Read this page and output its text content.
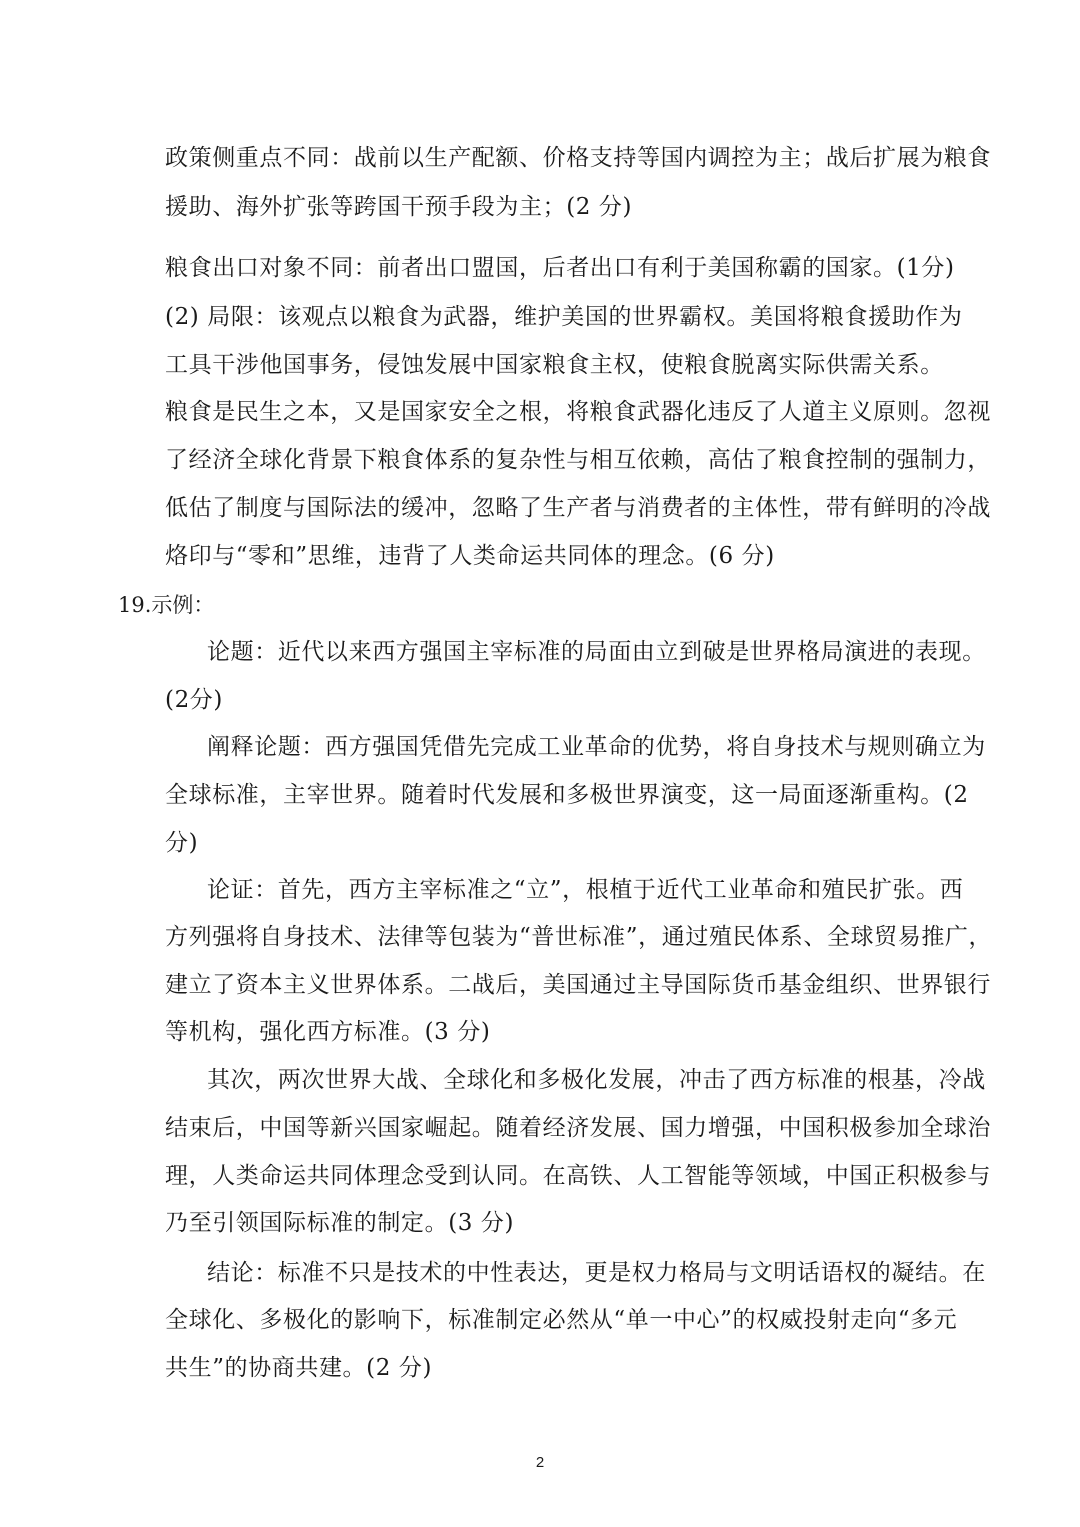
政策侧重点不同：战前以生产配额、价格支持等国内调控为主；战后扩展为粮食
援助、海外扩张等跨国干预手段为主；(2 分)
粮食出口对象不同：前者出口盟国，后者出口有利于美国称霸的国家。(1分)
(2) 局限：该观点以粮食为武器，维护美国的世界霸权。美国将粮食援助作为
工具干涉他国事务，侵蚀发展中国家粮食主权，使粮食脱离实际供需关系。
粮食是民生之本，又是国家安全之根，将粮食武器化违反了人道主义原则。忽视
了经济全球化背景下粮食体系的复杂性与相互依赖，高估了粮食控制的强制力，
低估了制度与国际法的缓冲，忽略了生产者与消费者的主体性，带有鲜明的冷战
烙印与“零和”思维，违背了人类命运共同体的理念。(6 分)
19.示例：
论题：近代以来西方强国主宰标准的局面由立到破是世界格局演进的表现。
(2分)
阐释论题：西方强国凭借先完成工业革命的优势，将自身技术与规则确立为
全球标准，主宰世界。随着时代发展和多极世界演变，这一局面逐渐重构。(2
分)
论证：首先，西方主宰标准之“立”，根植于近代工业革命和殖民扩张。西
方列强将自身技术、法律等包装为“普世标准”，通过殖民体系、全球贸易推广，
建立了资本主义世界体系。二战后，美国通过主导国际货币基金组织、世界银行
等机构，强化西方标准。(3 分)
其次，两次世界大战、全球化和多极化发展，冲击了西方标准的根基，冷战
结束后，中国等新兴国家崛起。随着经济发展、国力增强，中国积极参加全球治
理，人类命运共同体理念受到认同。在高铁、人工智能等领域，中国正积极参与
乃至引领国际标准的制定。(3 分)
结论：标准不只是技术的中性表达，更是权力格局与文明话语权的凝结。在
全球化、多极化的影响下，标准制定必然从“单一中心”的权威投射走向“多元
共生”的协商共建。(2 分)
2
